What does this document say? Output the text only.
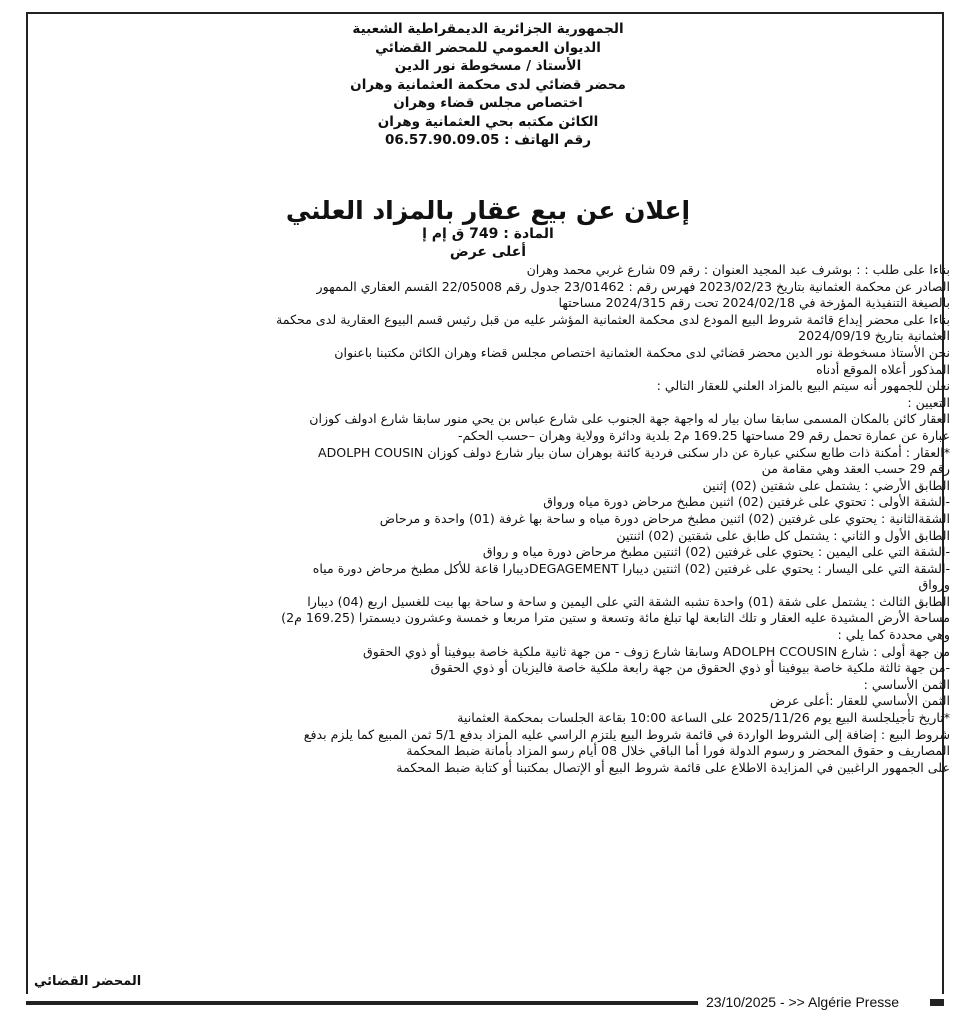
الجمهورية الجزائرية الديمقراطية الشعبية
الديوان العمومي للمحضر القضائي
الأستاذ / مسخوطة نور الدين
محضر قضائي لدى محكمة العثمانية وهران
اختصاص مجلس قضاء وهران
الكائن مكتبه بحي العثمانية وهران
رقم الهاتف : 06.57.90.09.05
إعلان عن بيع عقار بالمزاد العلني
المادة : 749 ق إم إ
أعلى عرض
بناءا على طلب : : بوشرف عبد المجيد العنوان : رقم 09 شارع غربي محمد وهران
الصادر عن محكمة العثمانية بتاريخ 2023/02/23 فهرس رقم : 23/01462 جدول رقم 22/05008 القسم العقاري الممهور
بالصيغة التنفيذية المؤرخة في 2024/02/18 تحت رقم 2024/315 مساحتها
بناءا على محضر إيداع قائمة شروط البيع المودع لدى محكمة العثمانية المؤشر عليه من قبل رئيس قسم البيوع العقارية لدى محكمة
العثمانية بتاريخ 2024/09/19
نحن الأستاذ مسخوطة نور الدين محضر قضائي لدى محكمة العثمانية اختصاص مجلس قضاء وهران الكائن مكتبنا باعنوان
المذكور أعلاه الموقع أدناه
نعلن للجمهور أنه سيتم البيع بالمزاد العلني للعقار التالي :
التعيين :
العقار كائن بالمكان المسمى سابقا سان بيار له واجهة جهة الجنوب على شارع عباس بن يحي منور سابقا شارع ادولف كوزان
عبارة عن عمارة تحمل رقم 29 مساحتها 169.25 م2 بلدية ودائرة وولاية وهران –حسب الحكم-
*العقار : أمكنة ذات طابع سكني عبارة عن دار سكنى فردية كائنة بوهران سان بيار شارع دولف كوزان ADOLPH COUSIN
رقم 29 حسب العقد وهي مقامة من
الطابق الأرضي : يشتمل على شقتين (02) إثنين
-الشقة الأولى : تحتوي على غرفتين (02) اثنين مطبخ مرحاض دورة مياه ورواق
الشقةالثانية : يحتوي على غرفتين (02) اثنين مطبخ مرحاض دورة مياه و ساحة بها غرفة (01) واحدة و مرحاض
الطابق الأول و الثاني : يشتمل كل طابق على شقتين (02) اثنتين
-الشقة التي على اليمين : يحتوي على غرفتين (02) اثنتين مطبخ مرحاض دورة مياه و رواق
-الشقة التي على اليسار : يحتوي على غرفتين (02) اثنتين ديبارا DEGAGEMENTديبارا قاعة للأكل مطبخ مرحاض دورة مياه
ورواق
الطابق الثالث : يشتمل على شقة (01) واحدة تشبه الشقة التي على اليمين و ساحة و ساحة بها بيت للغسيل اربع (04) ديبارا
مساحة الأرض المشيدة عليه العقار و تلك التابعة لها تبلغ مائة وتسعة و ستين مترا مربعا و خمسة وعشرون ديسمترا (169.25 م2)
وهي محددة كما يلي :
من جهة أولى : شارع ADOLPH CCOUSIN وسابقا شارع زوف - من جهة ثانية ملكية خاصة بيوفينا أو ذوي الحقوق
-من جهة ثالثة ملكية خاصة بيوفينا أو ذوي الحقوق من جهة رابعة ملكية خاصة فاليزيان أو ذوي الحقوق
الثمن الأساسي :
الثمن الأساسي للعقار :أعلى عرض
*تاريخ تأجيلجلسة البيع يوم 2025/11/26 على الساعة 10:00 بقاعة الجلسات بمحكمة العثمانية
شروط البيع : إضافة إلى الشروط الواردة في قائمة شروط البيع يلتزم الراسي عليه المزاد بدفع 5/1 ثمن المبيع كما يلزم بدفع
المصاريف و حقوق المحضر و رسوم الدولة فورا أما الباقي خلال 08 أيام رسو المزاد بأمانة ضبط المحكمة
على الجمهور الراغبين في المزايدة الاطلاع على قائمة شروط البيع أو الإتصال بمكتبنا أو كتابة ضبط المحكمة
المحضر القضائي
23/10/2025 - >> Algérie Presse
